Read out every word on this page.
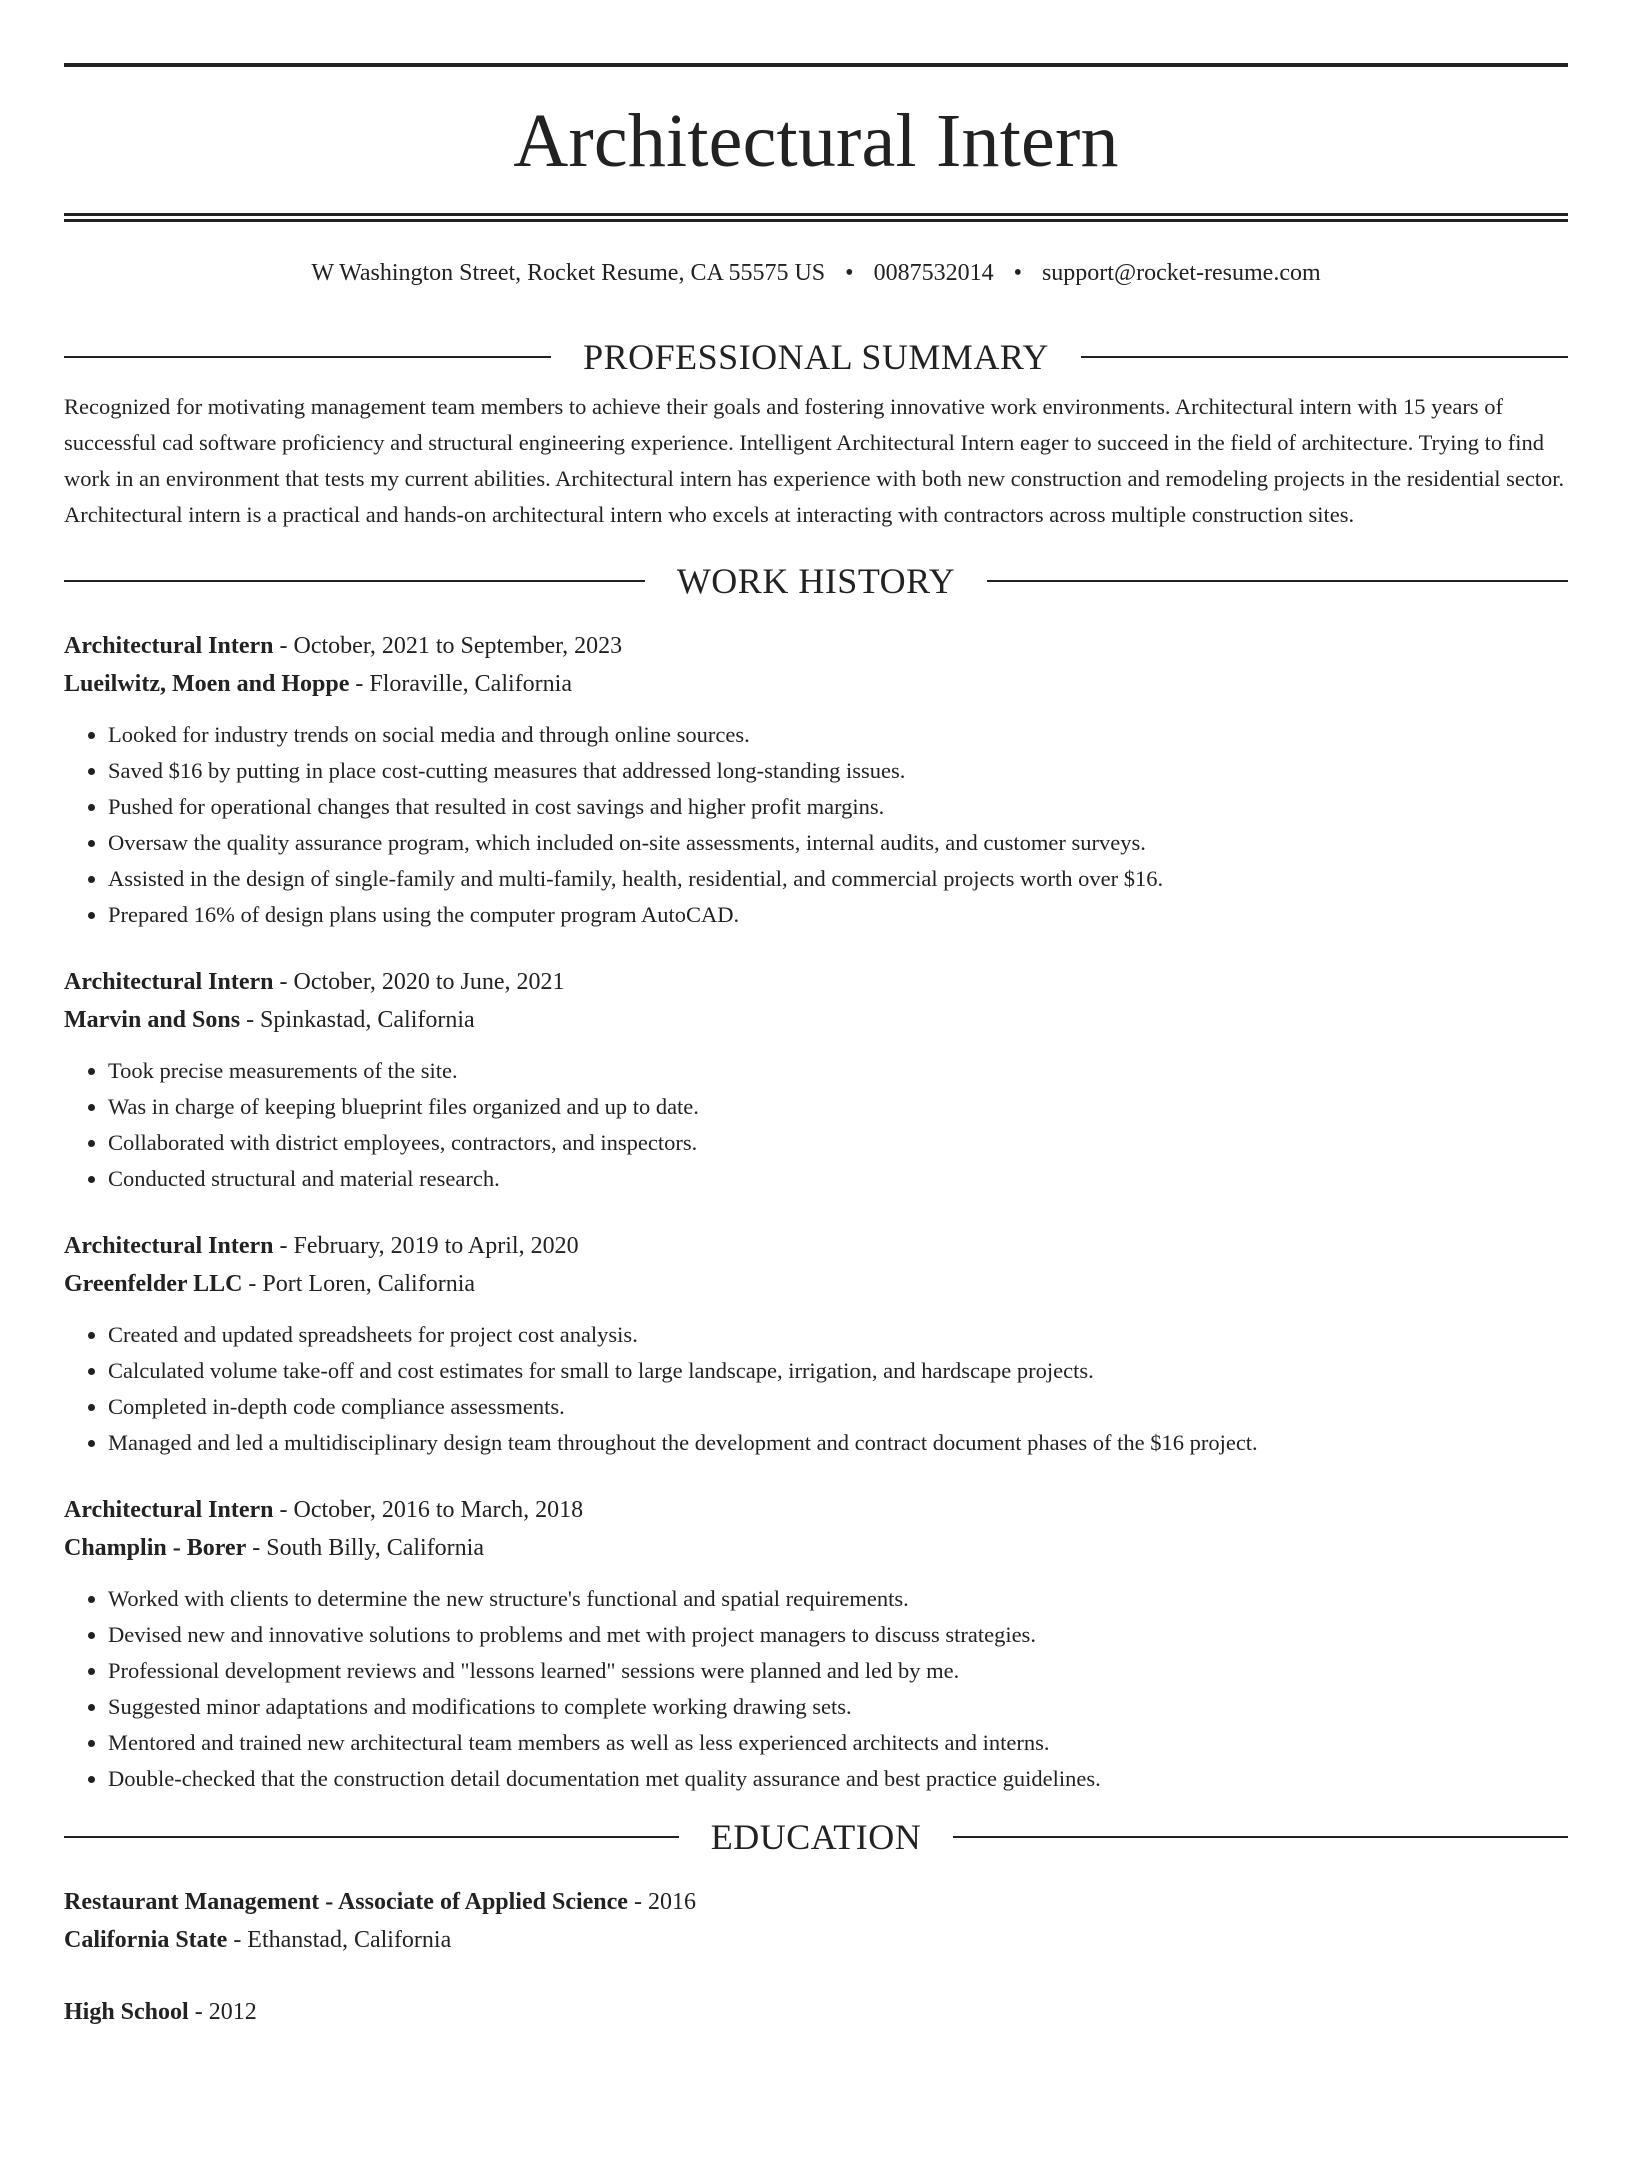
Architectural Intern
W Washington Street, Rocket Resume, CA 55575 US • 0087532014 • support@rocket-resume.com
PROFESSIONAL SUMMARY

Recognized for motivating management team members to achieve their goals and fostering innovative work environments. Architectural intern with 15 years of successful cad software proficiency and structural engineering experience. Intelligent Architectural Intern eager to succeed in the field of architecture. Trying to find work in an environment that tests my current abilities. Architectural intern has experience with both new construction and remodeling projects in the residential sector. Architectural intern is a practical and hands-on architectural intern who excels at interacting with contractors across multiple construction sites.

WORK HISTORY
Architectural Intern - October, 2021 to September, 2023
Lueilwitz, Moen and Hoppe - Floraville, California
• Looked for industry trends on social media and through online sources.
• Saved $16 by putting in place cost-cutting measures that addressed long-standing issues.
• Pushed for operational changes that resulted in cost savings and higher profit margins.
• Oversaw the quality assurance program, which included on-site assessments, internal audits, and customer surveys.
• Assisted in the design of single-family and multi-family, health, residential, and commercial projects worth over $16.
• Prepared 16% of design plans using the computer program AutoCAD.
Architectural Intern - October, 2020 to June, 2021
Marvin and Sons - Spinkastad, California
• Took precise measurements of the site.
• Was in charge of keeping blueprint files organized and up to date.
• Collaborated with district employees, contractors, and inspectors.
• Conducted structural and material research.
Architectural Intern - February, 2019 to April, 2020
Greenfelder LLC - Port Loren, California
• Created and updated spreadsheets for project cost analysis.
• Calculated volume take-off and cost estimates for small to large landscape, irrigation, and hardscape projects.
• Completed in-depth code compliance assessments.
• Managed and led a multidisciplinary design team throughout the development and contract document phases of the $16 project.
Architectural Intern - October, 2016 to March, 2018
Champlin - Borer - South Billy, California
• Worked with clients to determine the new structure's functional and spatial requirements.
• Devised new and innovative solutions to problems and met with project managers to discuss strategies.
• Professional development reviews and "lessons learned" sessions were planned and led by me.
• Suggested minor adaptations and modifications to complete working drawing sets.
• Mentored and trained new architectural team members as well as less experienced architects and interns.
• Double-checked that the construction detail documentation met quality assurance and best practice guidelines.
EDUCATION
Restaurant Management - Associate of Applied Science - 2016
California State - Ethanstad, California
High School - 2012
